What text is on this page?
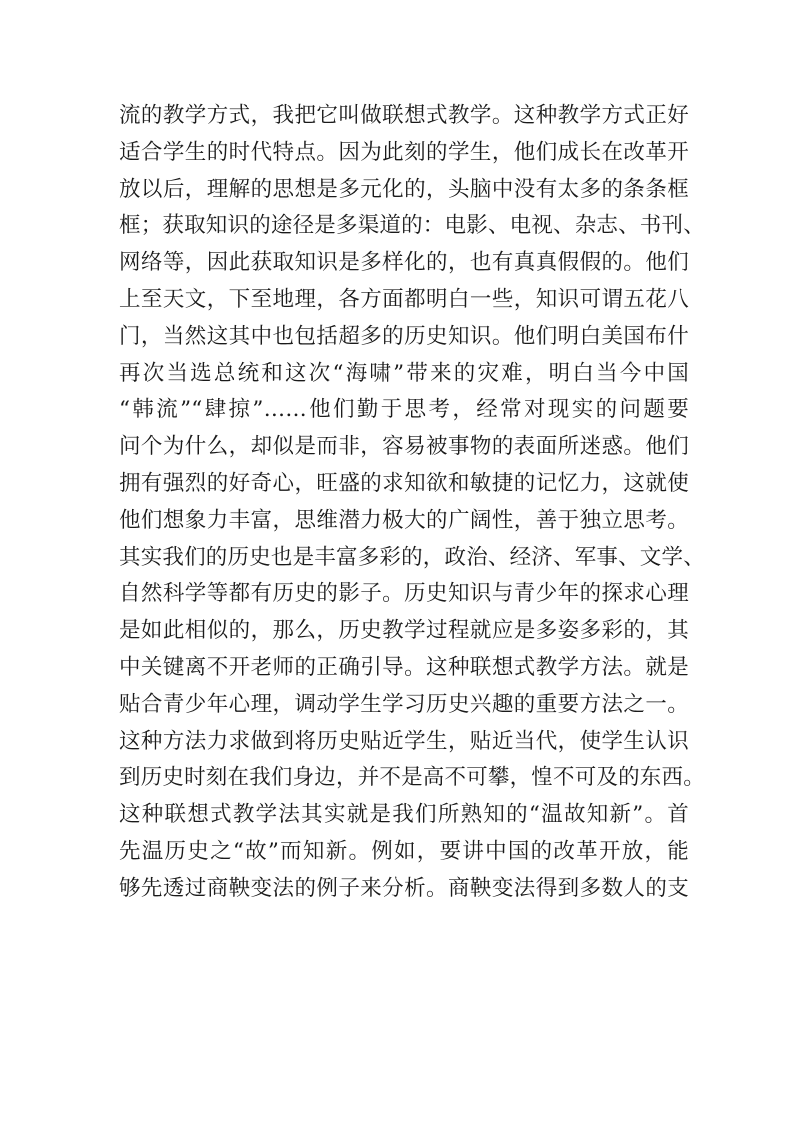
流的教学方式，我把它叫做联想式教学。这种教学方式正好
适合学生的时代特点。因为此刻的学生，他们成长在改革开
放以后，理解的思想是多元化的，头脑中没有太多的条条框
框；获取知识的途径是多渠道的：电影、电视、杂志、书刊、
网络等，因此获取知识是多样化的，也有真真假假的。他们
上至天文，下至地理，各方面都明白一些，知识可谓五花八
门，当然这其中也包括超多的历史知识。他们明白美国布什
再次当选总统和这次“海啸”带来的灾难，明白当今中国
“韩流”“肆掠”……他们勤于思考，经常对现实的问题要
问个为什么，却似是而非，容易被事物的表面所迷惑。他们
拥有强烈的好奇心，旺盛的求知欲和敏捷的记忆力，这就使
他们想象力丰富，思维潜力极大的广阔性，善于独立思考。
其实我们的历史也是丰富多彩的，政治、经济、军事、文学、
自然科学等都有历史的影子。历史知识与青少年的探求心理
是如此相似的，那么，历史教学过程就应是多姿多彩的，其
中关键离不开老师的正确引导。这种联想式教学方法。就是
贴合青少年心理，调动学生学习历史兴趣的重要方法之一。
这种方法力求做到将历史贴近学生，贴近当代，使学生认识
到历史时刻在我们身边，并不是高不可攀，惶不可及的东西。
这种联想式教学法其实就是我们所熟知的“温故知新”。首
先温历史之“故”而知新。例如，要讲中国的改革开放，能
够先透过商鞅变法的例子来分析。商鞅变法得到多数人的支
